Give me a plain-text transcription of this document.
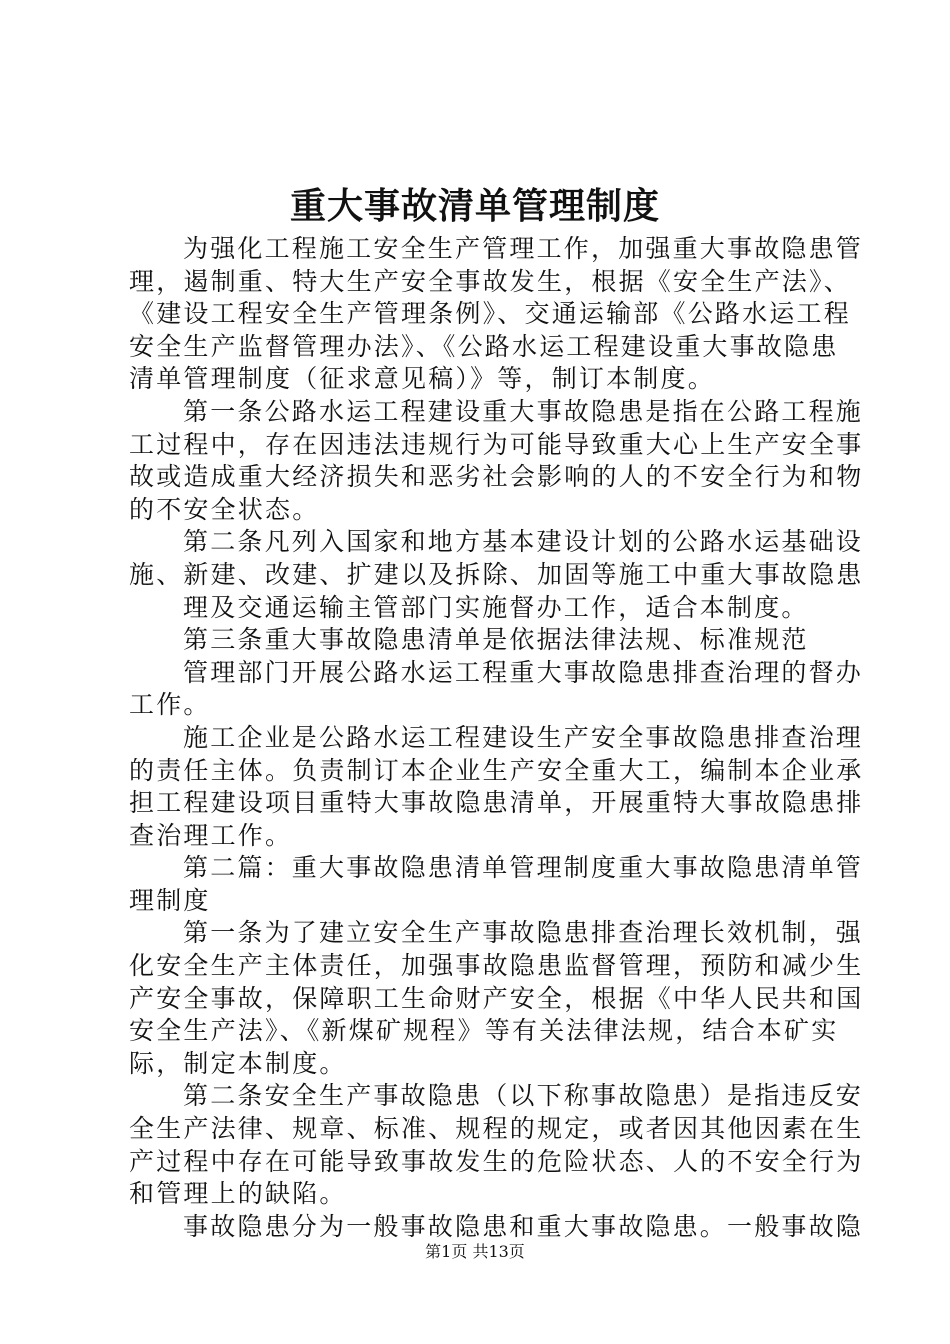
重大事故清单管理制度
为强化工程施工安全生产管理工作，加强重大事故隐患管
理，遏制重、特大生产安全事故发生，根据《安全生产法》、
《建设工程安全生产管理条例》、交通运输部《公路水运工程
安全生产监督管理办法》、《公路水运工程建设重大事故隐患
清单管理制度（征求意见稿）》等，制订本制度。
第一条公路水运工程建设重大事故隐患是指在公路工程施
工过程中，存在因违法违规行为可能导致重大心上生产安全事
故或造成重大经济损失和恶劣社会影响的人的不安全行为和物
的不安全状态。
第二条凡列入国家和地方基本建设计划的公路水运基础设
施、新建、改建、扩建以及拆除、加固等施工中重大事故隐患
理及交通运输主管部门实施督办工作，适合本制度。
第三条重大事故隐患清单是依据法律法规、标准规范
管理部门开展公路水运工程重大事故隐患排查治理的督办
工作。
施工企业是公路水运工程建设生产安全事故隐患排查治理
的责任主体。负责制订本企业生产安全重大工，编制本企业承
担工程建设项目重特大事故隐患清单，开展重特大事故隐患排
查治理工作。
第二篇：重大事故隐患清单管理制度重大事故隐患清单管
理制度
第一条为了建立安全生产事故隐患排查治理长效机制，强
化安全生产主体责任，加强事故隐患监督管理，预防和减少生
产安全事故，保障职工生命财产安全，根据《中华人民共和国
安全生产法》、《新煤矿规程》等有关法律法规，结合本矿实
际，制定本制度。
第二条安全生产事故隐患（以下称事故隐患）是指违反安
全生产法律、规章、标准、规程的规定，或者因其他因素在生
产过程中存在可能导致事故发生的危险状态、人的不安全行为
和管理上的缺陷。
事故隐患分为一般事故隐患和重大事故隐患。一般事故隐
第1页 共13页
